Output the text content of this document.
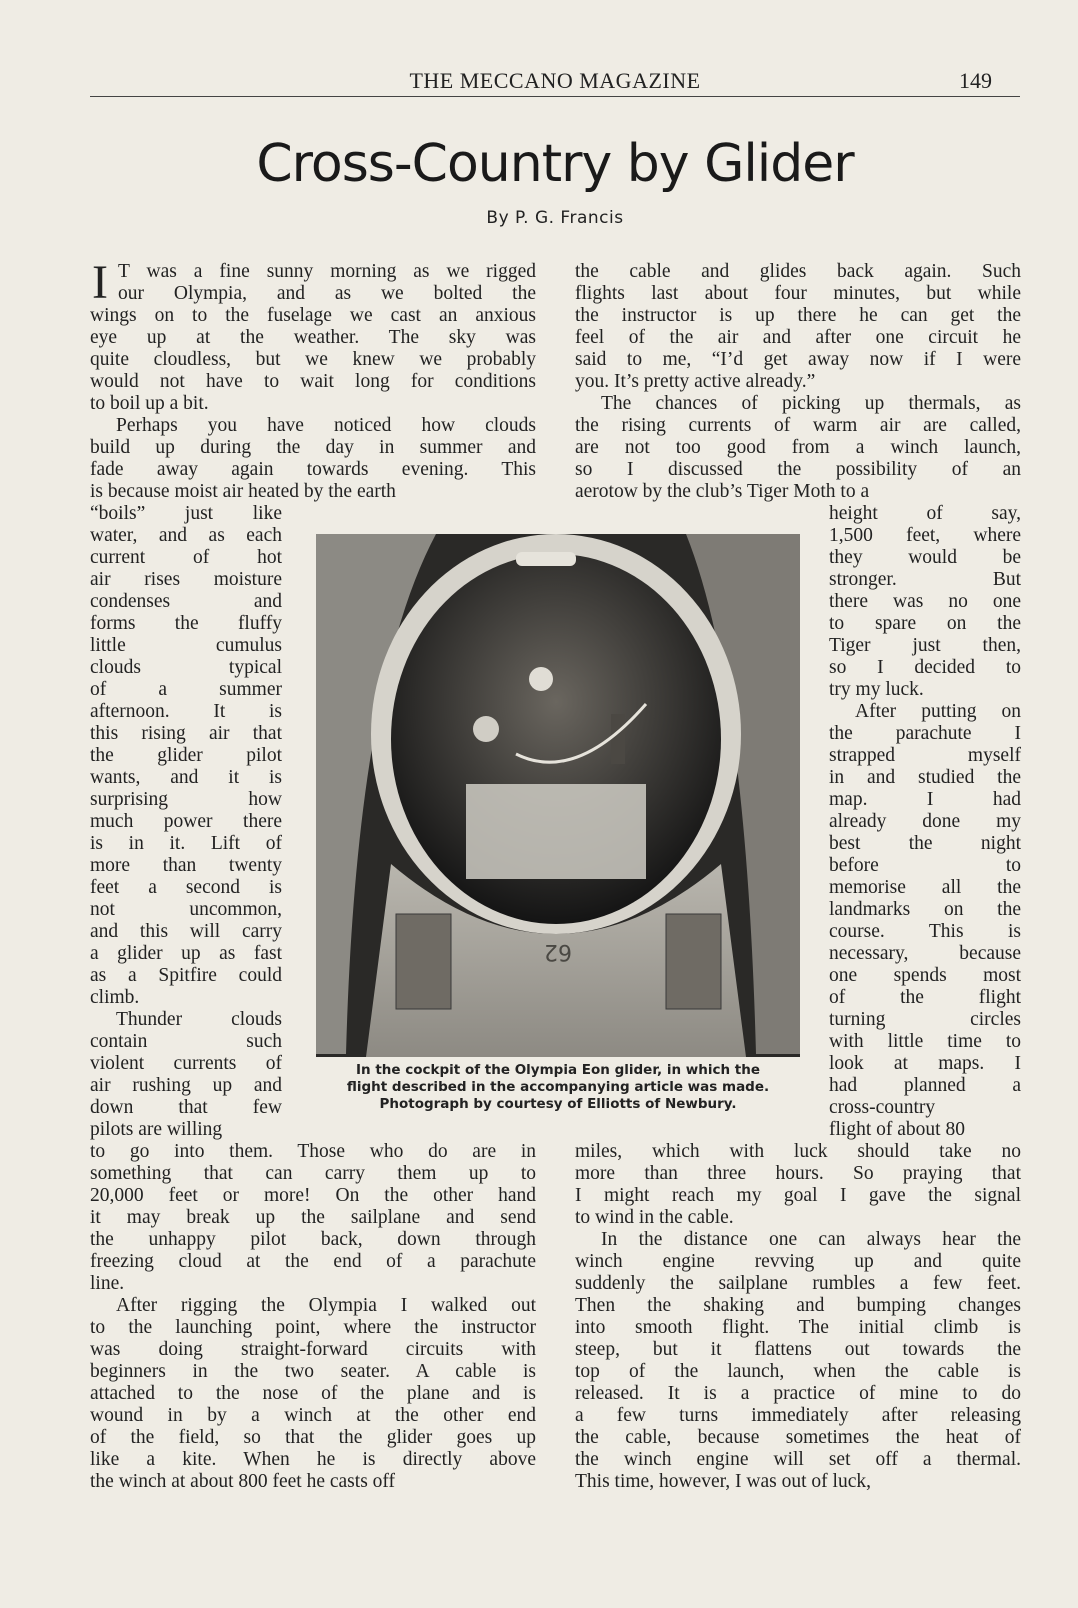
THE MECCANO MAGAZINE	149
Cross-Country by Glider
By P. G. Francis
I T was a fine sunny morning as we rigged
our Olympia, and as we bolted the
wings on to the fuselage we cast an anxious
eye up at the weather. The sky was
quite cloudless, but we knew we probably
would not have to wait long for conditions
to boil up a bit.
Perhaps you have noticed how clouds
build up during the day in summer and
fade away again towards evening. This
is because moist air heated by the earth
“boils” just like
water, and as each
current of hot
air rises moisture
condenses and
forms the fluffy
little cumulus
clouds typical
of a summer
afternoon. It is
this rising air that
the glider pilot
wants, and it is
surprising how
much power there
is in it. Lift of
more than twenty
feet a second is
not uncommon,
and this will carry
a glider up as fast
as a Spitfire could
climb.
Thunder clouds
contain such
violent currents of
air rushing up and
down that few
pilots are willing
to go into them. Those who do are in
something that can carry them up to
20,000 feet or more! On the other hand
it may break up the sailplane and send
the unhappy pilot back, down through
freezing cloud at the end of a parachute
line.
After rigging the Olympia I walked out
to the launching point, where the instructor
was doing straight-forward circuits with
beginners in the two seater. A cable is
attached to the nose of the plane and is
wound in by a winch at the other end
of the field, so that the glider goes up
like a kite. When he is directly above
the winch at about 800 feet he casts off
the cable and glides back again. Such
flights last about four minutes, but while
the instructor is up there he can get the
feel of the air and after one circuit he
said to me, “I’d get away now if I were
you. It’s pretty active already.”
The chances of picking up thermals, as
the rising currents of warm air are called,
are not too good from a winch launch,
so I discussed the possibility of an
aerotow by the club’s Tiger Moth to a
height of say,
1,500 feet, where
they would be
stronger. But
there was no one
to spare on the
Tiger just then,
so I decided to
try my luck.
After putting on
the parachute I
strapped myself
in and studied the
map. I had
already done my
best the night
before to
memorise all the
landmarks on the
course. This is
necessary, because
one spends most
of the flight
turning circles
with little time to
look at maps. I
had planned a
cross-country
flight of about 80
miles, which with luck should take no
more than three hours. So praying that
I might reach my goal I gave the signal
to wind in the cable.
In the distance one can always hear the
winch engine revving up and quite
suddenly the sailplane rumbles a few feet.
Then the shaking and bumping changes
into smooth flight. The initial climb is
steep, but it flattens out towards the
top of the launch, when the cable is
released. It is a practice of mine to do
a few turns immediately after releasing
the cable, because sometimes the heat of
the winch engine will set off a thermal.
This time, however, I was out of luck,
62
In the cockpit of the Olympia Eon glider, in which the
flight described in the accompanying article was made.
Photograph by courtesy of Elliotts of Newbury.
